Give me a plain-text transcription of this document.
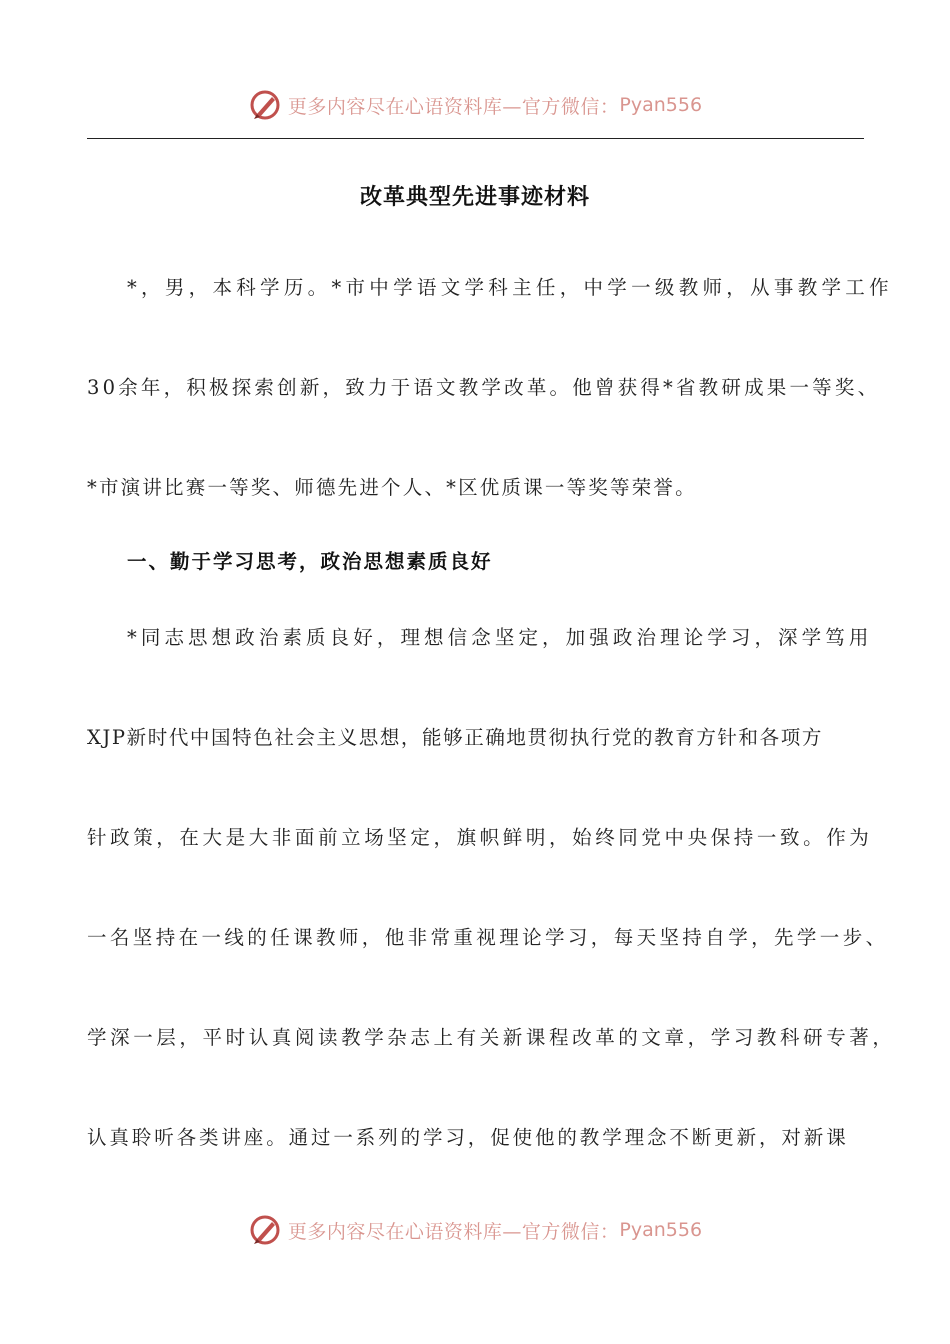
更多内容尽在心语资料库—官方微信： Pyan556
改革典型先进事迹材料
*，男，本科学历。*市中学语文学科主任，中学一级教师，从事教学工作
30余年，积极探索创新，致力于语文教学改革。他曾获得*省教研成果一等奖、
*市演讲比赛一等奖、师德先进个人、*区优质课一等奖等荣誉。
一、勤于学习思考，政治思想素质良好
*同志思想政治素质良好，理想信念坚定，加强政治理论学习，深学笃用
XJP新时代中国特色社会主义思想，能够正确地贯彻执行党的教育方针和各项方
针政策，在大是大非面前立场坚定，旗帜鲜明，始终同党中央保持一致。作为
一名坚持在一线的任课教师，他非常重视理论学习，每天坚持自学，先学一步、
学深一层，平时认真阅读教学杂志上有关新课程改革的文章，学习教科研专著，
认真聆听各类讲座。通过一系列的学习，促使他的教学理念不断更新，对新课
更多内容尽在心语资料库—官方微信： Pyan556
